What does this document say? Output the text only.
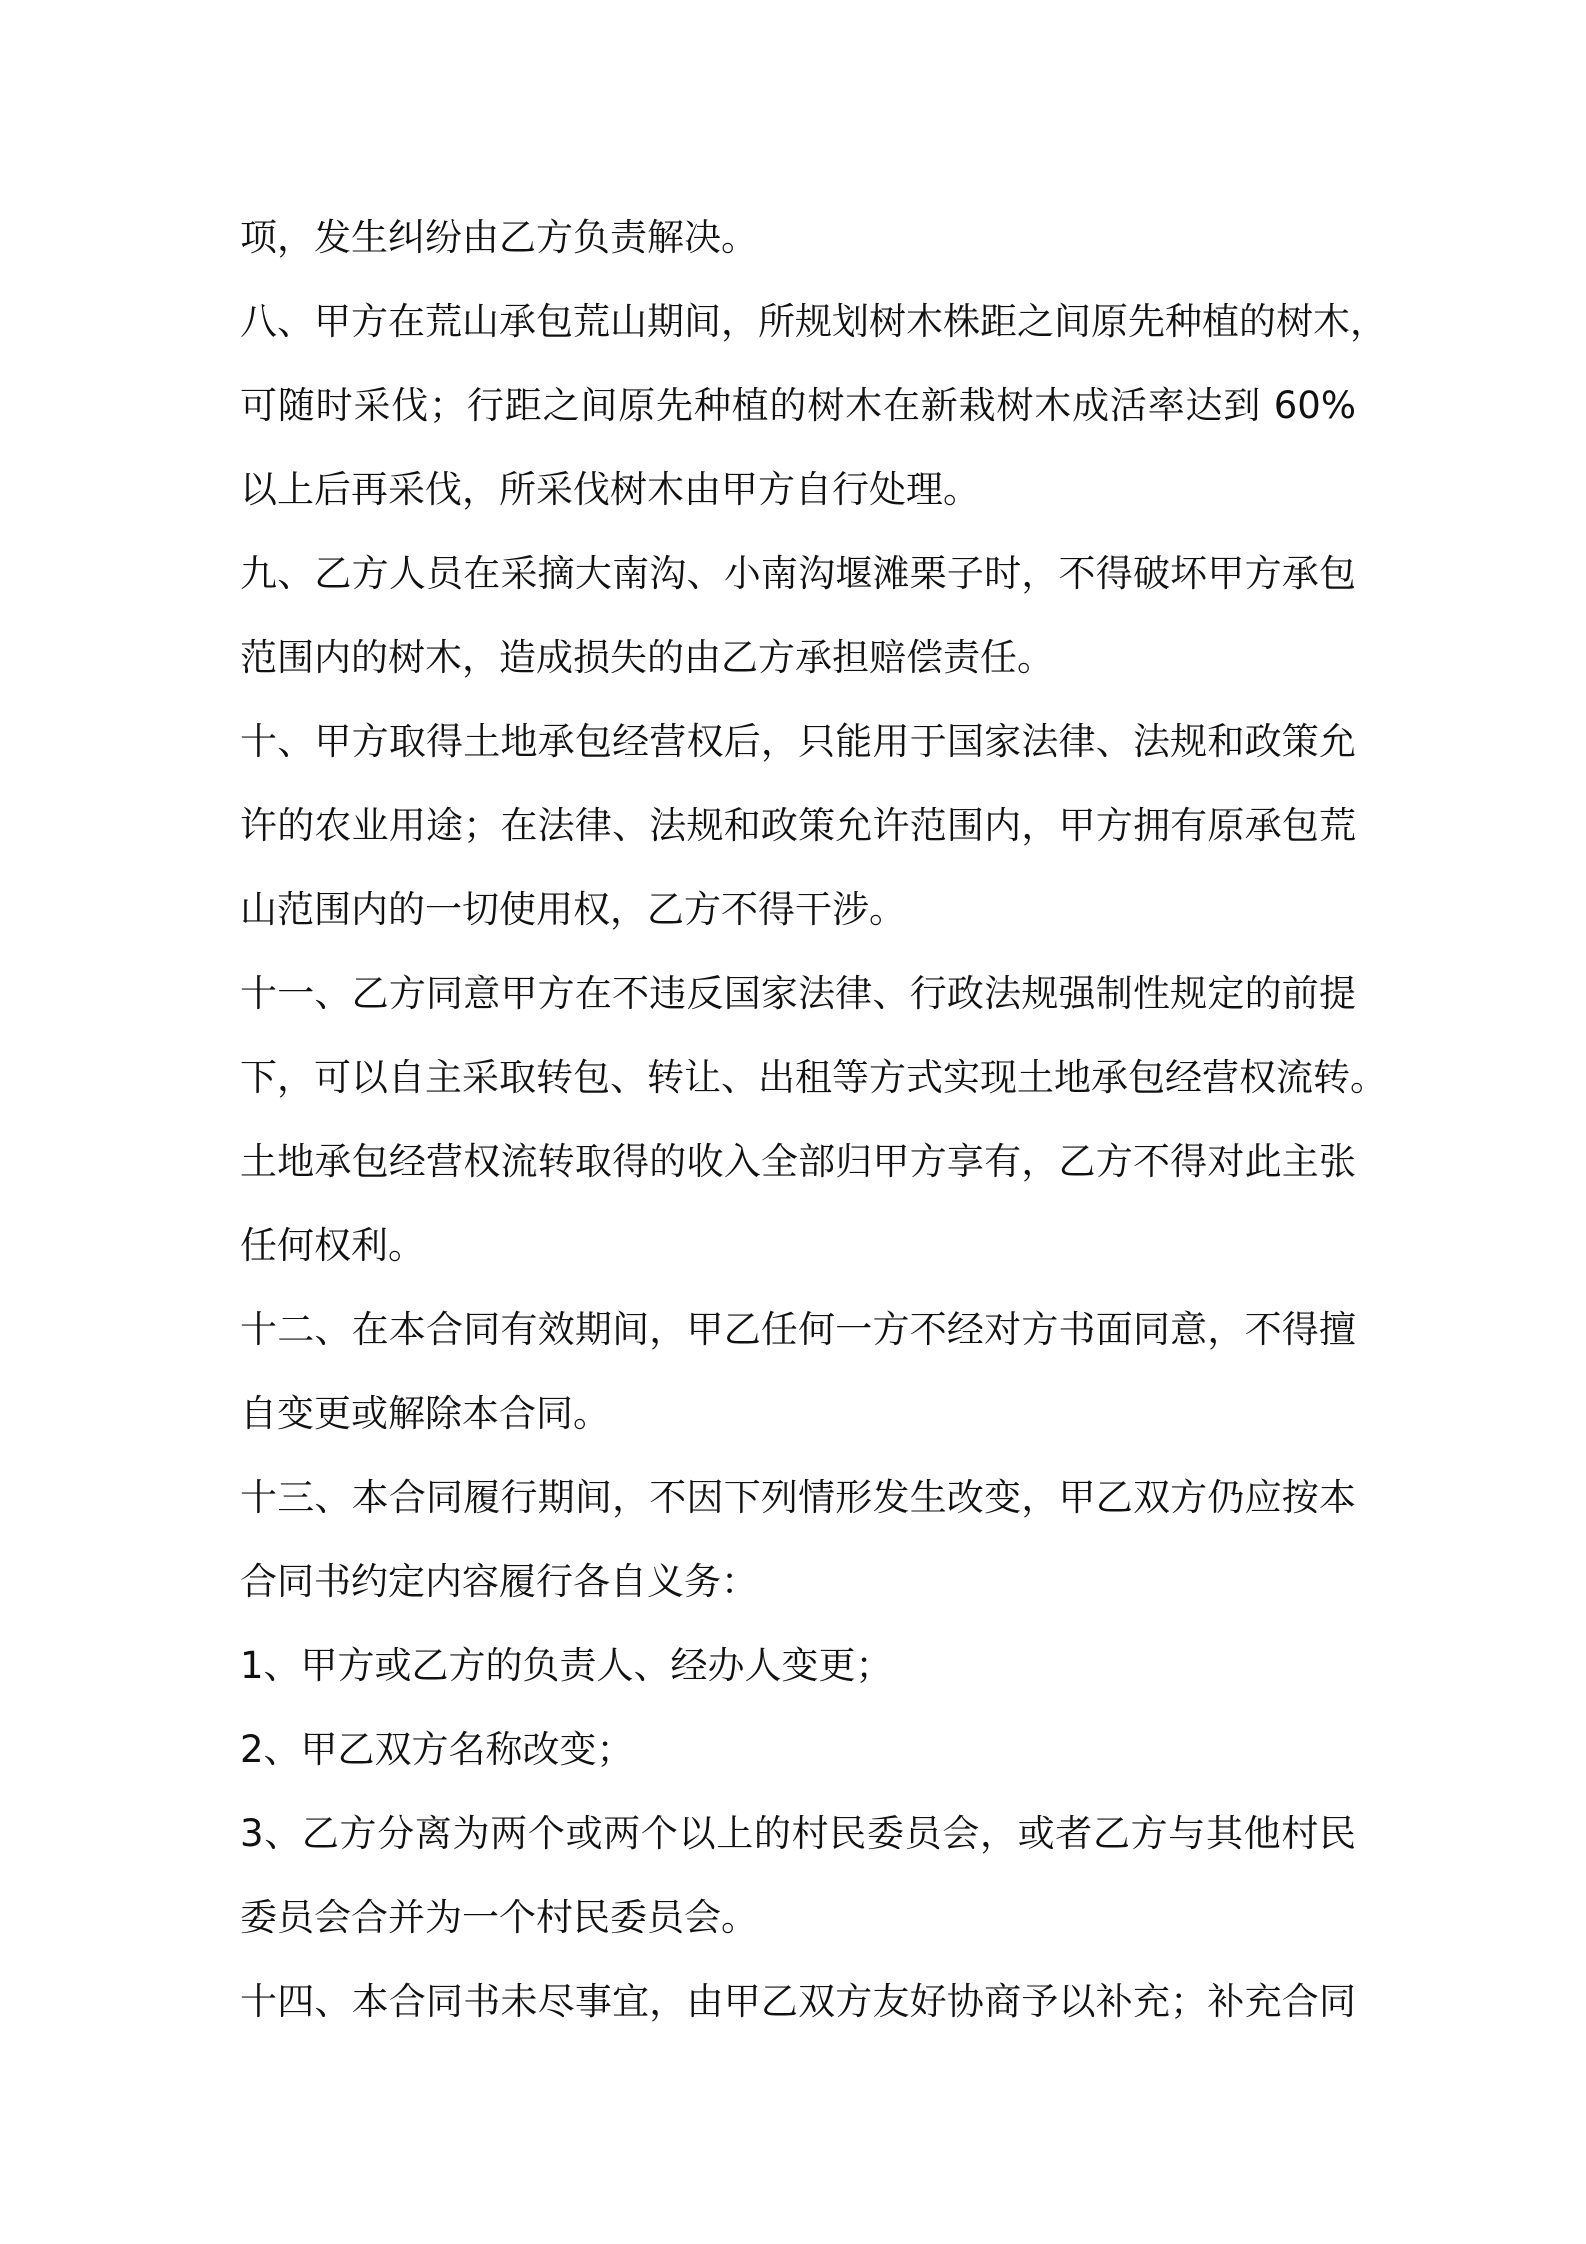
项，发生纠纷由乙方负责解决。
八、甲方在荒山承包荒山期间，所规划树木株距之间原先种植的树木，
可随时采伐；行距之间原先种植的树木在新栽树木成活率达到 60%
以上后再采伐，所采伐树木由甲方自行处理。
九、乙方人员在采摘大南沟、小南沟堰滩栗子时，不得破坏甲方承包
范围内的树木，造成损失的由乙方承担赔偿责任。
十、甲方取得土地承包经营权后，只能用于国家法律、法规和政策允
许的农业用途；在法律、法规和政策允许范围内，甲方拥有原承包荒
山范围内的一切使用权，乙方不得干涉。
十一、乙方同意甲方在不违反国家法律、行政法规强制性规定的前提
下，可以自主采取转包、转让、出租等方式实现土地承包经营权流转。
土地承包经营权流转取得的收入全部归甲方享有，乙方不得对此主张
任何权利。
十二、在本合同有效期间，甲乙任何一方不经对方书面同意，不得擅
自变更或解除本合同。
十三、本合同履行期间，不因下列情形发生改变，甲乙双方仍应按本
合同书约定内容履行各自义务：
1、甲方或乙方的负责人、经办人变更；
2、甲乙双方名称改变；
3、乙方分离为两个或两个以上的村民委员会，或者乙方与其他村民
委员会合并为一个村民委员会。
十四、本合同书未尽事宜，由甲乙双方友好协商予以补充；补充合同
